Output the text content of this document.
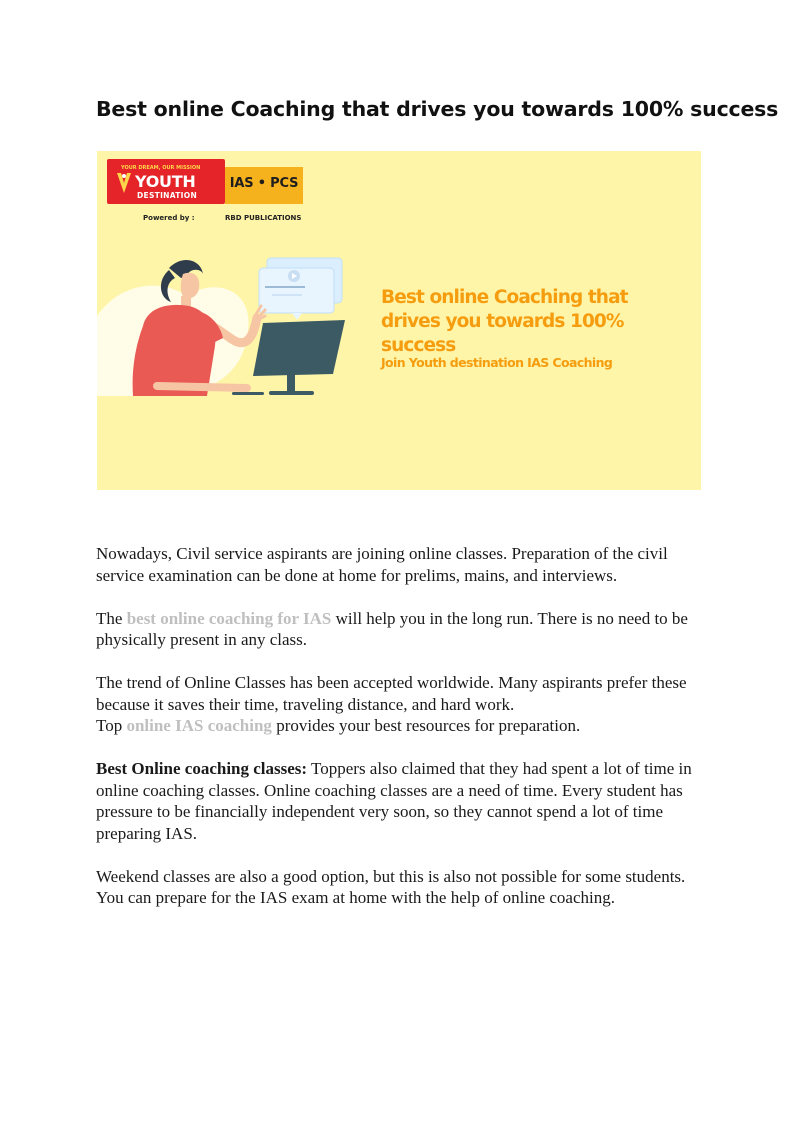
Best online Coaching that drives you towards 100% success
YOUR DREAM, OUR MISSION
YOUTH
DESTINATION
IAS • PCS
Powered by :	RBD PUBLICATIONS
Best online Coaching that drives you towards 100% success

Join Youth destination IAS Coaching

Nowadays, Civil service aspirants are joining online classes. Preparation of the civil service examination can be done at home for prelims, mains, and interviews.

The best online coaching for IAS will help you in the long run. There is no need to be physically present in any class.

The trend of Online Classes has been accepted worldwide. Many aspirants prefer these because it saves their time, traveling distance, and hard work.
Top online IAS coaching provides your best resources for preparation.

Best Online coaching classes: Toppers also claimed that they had spent a lot of time in online coaching classes. Online coaching classes are a need of time. Every student has pressure to be financially independent very soon, so they cannot spend a lot of time preparing IAS.

Weekend classes are also a good option, but this is also not possible for some students. You can prepare for the IAS exam at home with the help of online coaching.
